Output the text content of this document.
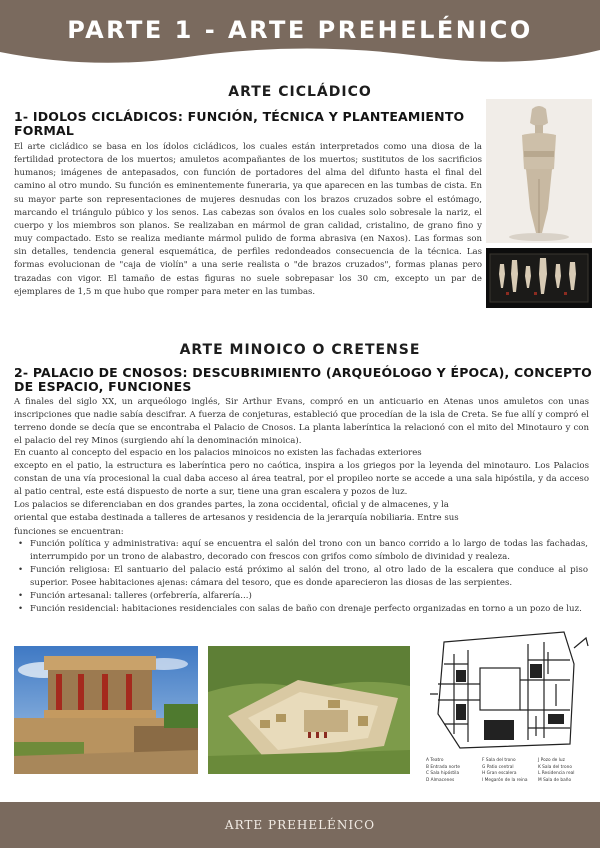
PARTE 1 - ARTE PREHELÉNICO
ARTE CICLÁDICO
1- IDOLOS CICLÁDICOS: FUNCIÓN, TÉCNICA Y PLANTEAMIENTO FORMAL
El arte cicládico se basa en los ídolos cicládicos, los cuales están interpretados como una diosa de la fertilidad protectora de los muertos; amuletos acompañantes de los muertos; sustitutos de los sacrificios humanos; imágenes de antepasados, con función de portadores del alma del difunto hasta el final del camino al otro mundo. Su función es eminentemente funeraria, ya que aparecen en las tumbas de cista. En su mayor parte son representaciones de mujeres desnudas con los brazos cruzados sobre el estómago, marcando el triángulo púbico y los senos. Las cabezas son óvalos en los cuales solo sobresale la nariz, el cuerpo y los miembros son planos. Se realizaban en mármol de gran calidad, cristalino, de grano fino y muy compactado. Esto se realiza mediante mármol pulido de forma abrasiva (en Naxos). Las formas son sin detalles, tendencia general esquemática, de perfiles redondeados consecuencia de la técnica. Las formas evolucionan de "caja de violín" a una serie realista o "de brazos cruzados", formas planas pero trazadas con vigor. El tamaño de estas figuras no suele sobrepasar los 30 cm, excepto un par de ejemplares de 1,5 m que hubo que romper para meter en las tumbas.
ARTE MINOICO O CRETENSE
2- PALACIO DE CNOSOS: DESCUBRIMIENTO (ARQUEÓLOGO Y ÉPOCA), CONCEPTO DE ESPACIO, FUNCIONES
A finales del siglo XX, un arqueólogo inglés, Sir Arthur Evans, compró en un anticuario en Atenas unos amuletos con unas inscripciones que nadie sabía descifrar. A fuerza de conjeturas, estableció que procedían de la isla de Creta. Se fue allí y compró el terreno donde se decía que se encontraba el Palacio de Cnosos. La planta laberíntica la relacionó con el mito del Minotauro y con el palacio del rey Minos (surgiendo ahí la denominación minoica).

En cuanto al concepto del espacio en los palacios minoicos no existen las fachadas exteriores

excepto en el patio, la estructura es laberíntica pero no caótica, inspira a los griegos por la leyenda del minotauro. Los Palacios constan de una vía procesional la cual daba acceso al área teatral, por el propileo norte se accede a una sala hipóstila, y da acceso al patio central, este está dispuesto de norte a sur, tiene una gran escalera y pozos de luz.

Los palacios se diferenciaban en dos grandes partes, la zona occidental, oficial y de almacenes, y la

oriental que estaba destinada a talleres de artesanos y residencia de la jerarquía nobiliaria. Entre sus

funciones se encuentran:

• Función política y administrativa: aquí se encuentra el salón del trono con un banco corrido a lo largo de todas las fachadas, interrumpido por un trono de alabastro, decorado con frescos con grifos como símbolo de divinidad y realeza.
• Función religiosa: El santuario del palacio está próximo al salón del trono, al otro lado de la escalera que conduce al piso superior. Posee habitaciones ajenas: cámara del tesoro, que es donde aparecieron las diosas de las serpientes.
• Función artesanal: talleres (orfebrería, alfarería...)
• Función residencial: habitaciones residenciales con salas de baño con drenaje perfecto organizadas en torno a un pozo de luz.
A Teatro	F Sala del trono	J Pozo de luz
B Entrada norte	G Patio central	K Sala del trono
C Sala hipóstila	H Gran escalera	L Residencia real
D Almacenes	I Megarón de la reina	M Sala de baño
ARTE PREHELÉNICO
